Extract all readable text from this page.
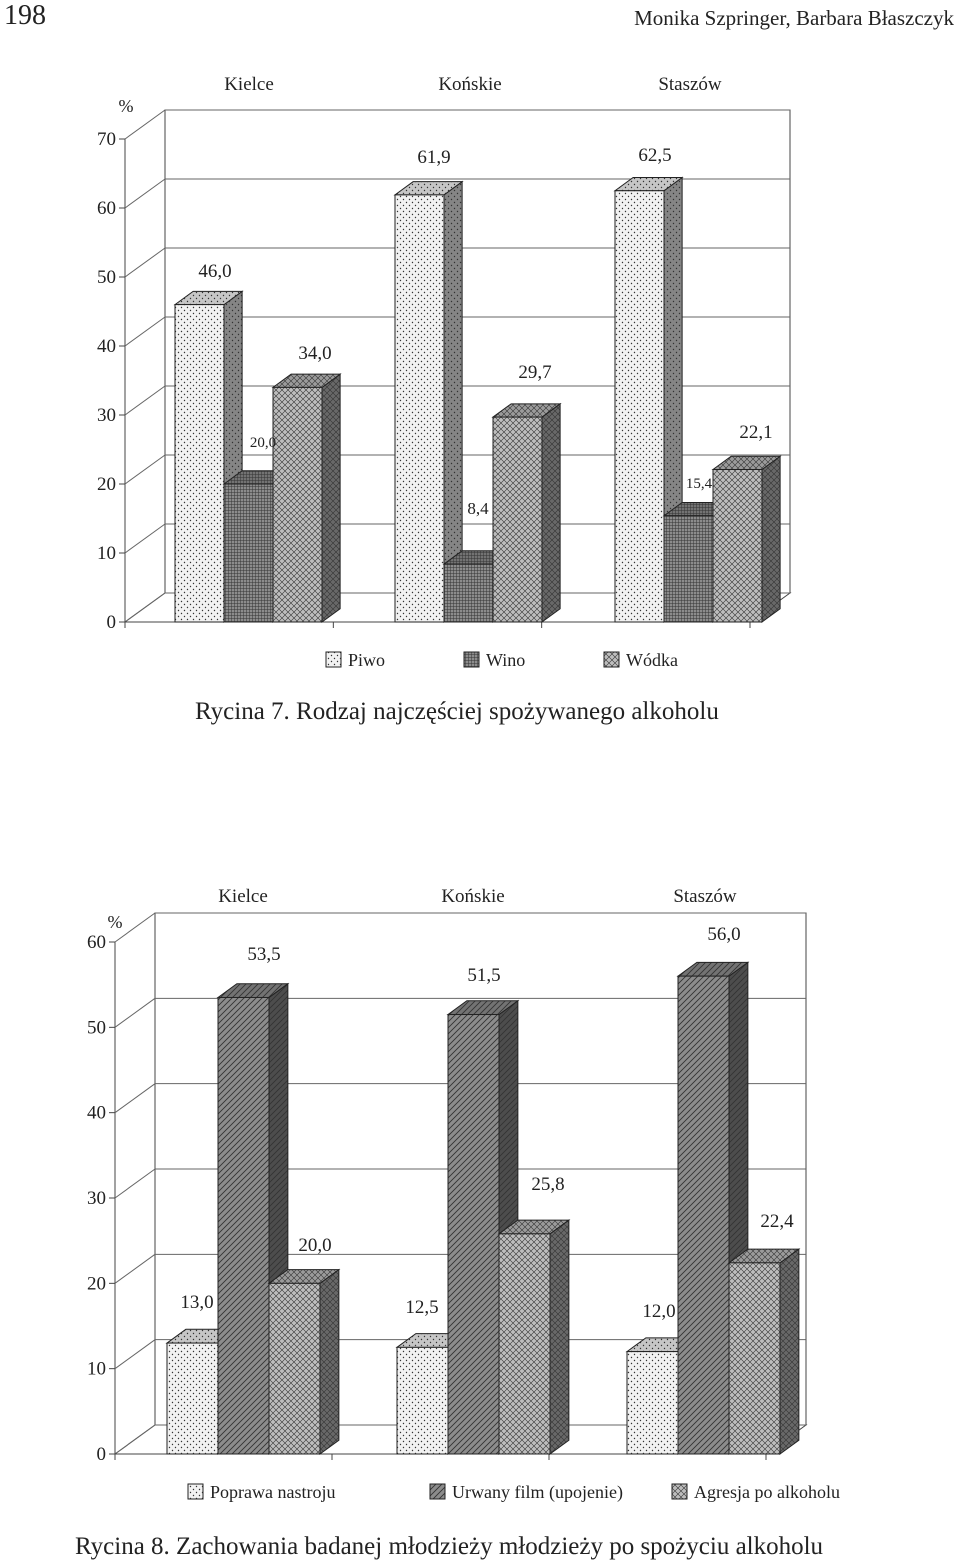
198	Monika Szpringer, Barbara Błaszczyk
0
10
20
30
40
50
60
70
%
Kielce	Końskie	Staszów
46,0
20,0
34,0
61,9
8,4
29,7
62,5
15,4
22,1
Piwo	Wino	Wódka
Rycina 7. Rodzaj najczęściej spożywanego alkoholu
0
10
20
30
40
50
60
%
Kielce	Końskie	Staszów
13,0
53,5
20,0
12,5
51,5
25,8
12,0
56,0
22,4
Poprawa nastroju	Urwany film (upojenie)	Agresja po alkoholu
Rycina 8. Zachowania badanej młodzieży młodzieży po spożyciu alkoholu
